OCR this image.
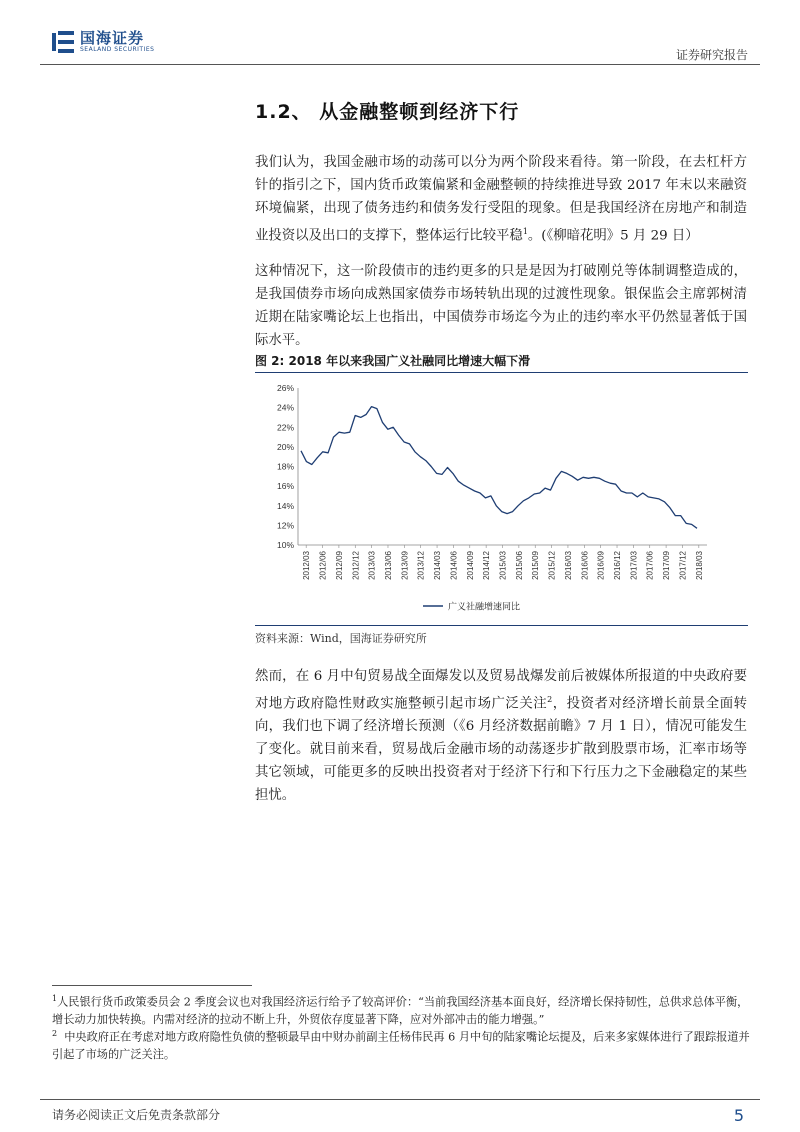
国海证券
SEALAND SECURITIES	证券研究报告
1.2、 从金融整顿到经济下行

我们认为，我国金融市场的动荡可以分为两个阶段来看待。第一阶段，在去杠杆方针的指引之下，国内货币政策偏紧和金融整顿的持续推进导致 2017 年末以来融资环境偏紧，出现了债务违约和债务发行受阻的现象。但是我国经济在房地产和制造业投资以及出口的支撑下，整体运行比较平稳$^1$。(《柳暗花明》5 月 29 日）

这种情况下，这一阶段债市的违约更多的只是是因为打破刚兑等体制调整造成的，是我国债券市场向成熟国家债券市场转轨出现的过渡性现象。银保监会主席郭树清近期在陆家嘴论坛上也指出，中国债券市场迄今为止的违约率水平仍然显著低于国际水平。

图 2: 2018 年以来我国广义社融同比增速大幅下滑
26%
24%
22%
20%
18%
16%
14%
12%
10%
2012/03 2012/06 2012/09 2012/12 2013/03 2013/06 2013/09 2013/12 2014/03 2014/06 2014/09 2014/12 2015/03 2015/06 2015/09 2015/12 2016/03 2016/06 2016/09 2016/12 2017/03 2017/06 2017/09 2017/12 2018/03
广义社融增速同比
资料来源：Wind，国海证券研究所

然而，在 6 月中旬贸易战全面爆发以及贸易战爆发前后被媒体所报道的中央政府要对地方政府隐性财政实施整顿引起市场广泛关注$^2$，投资者对经济增长前景全面转向，我们也下调了经济增长预测（《6 月经济数据前瞻》7 月 1 日），情况可能发生了变化。就目前来看，贸易战后金融市场的动荡逐步扩散到股票市场，汇率市场等其它领域，可能更多的反映出投资者对于经济下行和下行压力之下金融稳定的某些担忧。

$^1$人民银行货币政策委员会 2 季度会议也对我国经济运行给予了较高评价：“当前我国经济基本面良好，经济增长保持韧性，总供求总体平衡，增长动力加快转换。内需对经济的拉动不断上升，外贸依存度显著下降，应对外部冲击的能力增强。”
$^2$ 中央政府正在考虑对地方政府隐性负债的整顿最早由中财办前副主任杨伟民再 6 月中旬的陆家嘴论坛提及，后来多家媒体进行了跟踪报道并引起了市场的广泛关注。
请务必阅读正文后免责条款部分	5
